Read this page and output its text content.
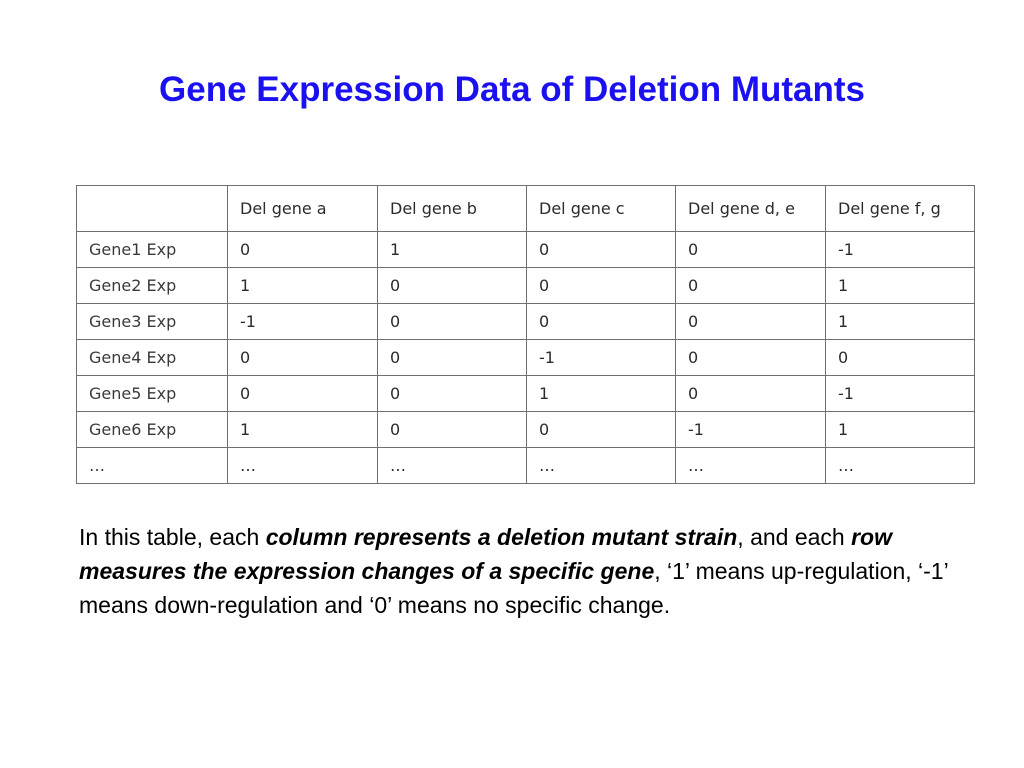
Gene Expression Data of Deletion Mutants
	Del gene a	Del gene b	Del gene c	Del gene d, e	Del gene f, g
Gene1 Exp	0	1	0	0	-1
Gene2 Exp	1	0	0	0	1
Gene3 Exp	-1	0	0	0	1
Gene4 Exp	0	0	-1	0	0
Gene5 Exp	0	0	1	0	-1
Gene6 Exp	1	0	0	-1	1
…	…	…	…	…	…

In this table, each column represents a deletion mutant strain, and each row measures the expression changes of a specific gene, ‘1’ means up-regulation, ‘-1’ means down-regulation and ‘0’ means no specific change.
